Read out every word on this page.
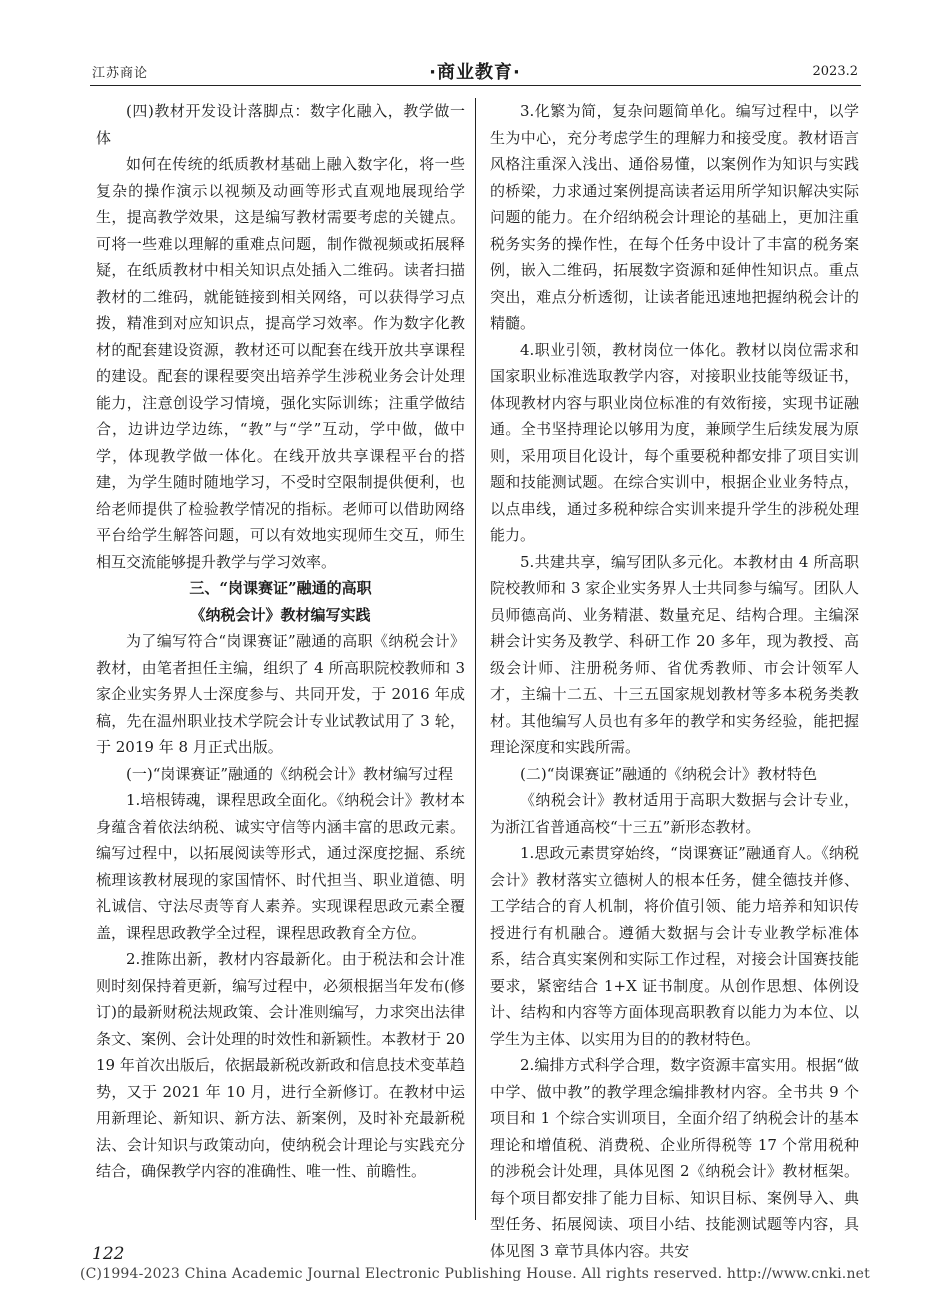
江苏商论	·商业教育·	2023.2

(四)教材开发设计落脚点：数字化融入，教学做一体

如何在传统的纸质教材基础上融入数字化，将一些复杂的操作演示以视频及动画等形式直观地展现给学生，提高教学效果，这是编写教材需要考虑的关键点。可将一些难以理解的重难点问题，制作微视频或拓展释疑，在纸质教材中相关知识点处插入二维码。读者扫描教材的二维码，就能链接到相关网络，可以获得学习点拨，精准到对应知识点，提高学习效率。作为数字化教材的配套建设资源，教材还可以配套在线开放共享课程的建设。配套的课程要突出培养学生涉税业务会计处理能力，注意创设学习情境，强化实际训练；注重学做结合，边讲边学边练，“教”与“学”互动，学中做，做中学，体现教学做一体化。在线开放共享课程平台的搭建，为学生随时随地学习，不受时空限制提供便利，也给老师提供了检验教学情况的指标。老师可以借助网络平台给学生解答问题，可以有效地实现师生交互，师生相互交流能够提升教学与学习效率。

三、“岗课赛证”融通的高职

《纳税会计》教材编写实践

为了编写符合“岗课赛证”融通的高职《纳税会计》教材，由笔者担任主编，组织了 4 所高职院校教师和 3 家企业实务界人士深度参与、共同开发，于 2016 年成稿，先在温州职业技术学院会计专业试教试用了 3 轮，于 2019 年 8 月正式出版。

(一)“岗课赛证”融通的《纳税会计》教材编写过程

1.培根铸魂，课程思政全面化。《纳税会计》教材本身蕴含着依法纳税、诚实守信等内涵丰富的思政元素。编写过程中，以拓展阅读等形式，通过深度挖掘、系统梳理该教材展现的家国情怀、时代担当、职业道德、明礼诚信、守法尽责等育人素养。实现课程思政元素全覆盖，课程思政教学全过程，课程思政教育全方位。

2.推陈出新，教材内容最新化。由于税法和会计准则时刻保持着更新，编写过程中，必须根据当年发布(修订)的最新财税法规政策、会计准则编写，力求突出法律条文、案例、会计处理的时效性和新颖性。本教材于 2019 年首次出版后，依据最新税改新政和信息技术变革趋势，又于 2021 年 10 月，进行全新修订。在教材中运用新理论、新知识、新方法、新案例，及时补充最新税法、会计知识与政策动向，使纳税会计理论与实践充分结合，确保教学内容的准确性、唯一性、前瞻性。

3.化繁为简，复杂问题简单化。编写过程中，以学生为中心，充分考虑学生的理解力和接受度。教材语言风格注重深入浅出、通俗易懂，以案例作为知识与实践的桥梁，力求通过案例提高读者运用所学知识解决实际问题的能力。在介绍纳税会计理论的基础上，更加注重税务实务的操作性，在每个任务中设计了丰富的税务案例，嵌入二维码，拓展数字资源和延伸性知识点。重点突出，难点分析透彻，让读者能迅速地把握纳税会计的精髓。

4.职业引领，教材岗位一体化。教材以岗位需求和国家职业标准选取教学内容，对接职业技能等级证书，体现教材内容与职业岗位标准的有效衔接，实现书证融通。全书坚持理论以够用为度，兼顾学生后续发展为原则，采用项目化设计，每个重要税种都安排了项目实训题和技能测试题。在综合实训中，根据企业业务特点，以点串线，通过多税种综合实训来提升学生的涉税处理能力。

5.共建共享，编写团队多元化。本教材由 4 所高职院校教师和 3 家企业实务界人士共同参与编写。团队人员师德高尚、业务精湛、数量充足、结构合理。主编深耕会计实务及教学、科研工作 20 多年，现为教授、高级会计师、注册税务师、省优秀教师、市会计领军人才，主编十二五、十三五国家规划教材等多本税务类教材。其他编写人员也有多年的教学和实务经验，能把握理论深度和实践所需。

(二)“岗课赛证”融通的《纳税会计》教材特色

《纳税会计》教材适用于高职大数据与会计专业，为浙江省普通高校“十三五”新形态教材。

1.思政元素贯穿始终，“岗课赛证”融通育人。《纳税会计》教材落实立德树人的根本任务，健全德技并修、工学结合的育人机制，将价值引领、能力培养和知识传授进行有机融合。遵循大数据与会计专业教学标准体系，结合真实案例和实际工作过程，对接会计国赛技能要求，紧密结合 1+X 证书制度。从创作思想、体例设计、结构和内容等方面体现高职教育以能力为本位、以学生为主体、以实用为目的的教材特色。

2.编排方式科学合理，数字资源丰富实用。根据“做中学、做中教”的教学理念编排教材内容。全书共 9 个项目和 1 个综合实训项目，全面介绍了纳税会计的基本理论和增值税、消费税、企业所得税等 17 个常用税种的涉税会计处理，具体见图 2《纳税会计》教材框架。每个项目都安排了能力目标、知识目标、案例导入、典型任务、拓展阅读、项目小结、技能测试题等内容，具体见图 3 章节具体内容。共安

122
(C)1994-2023 China Academic Journal Electronic Publishing House. All rights reserved. http://www.cnki.net
